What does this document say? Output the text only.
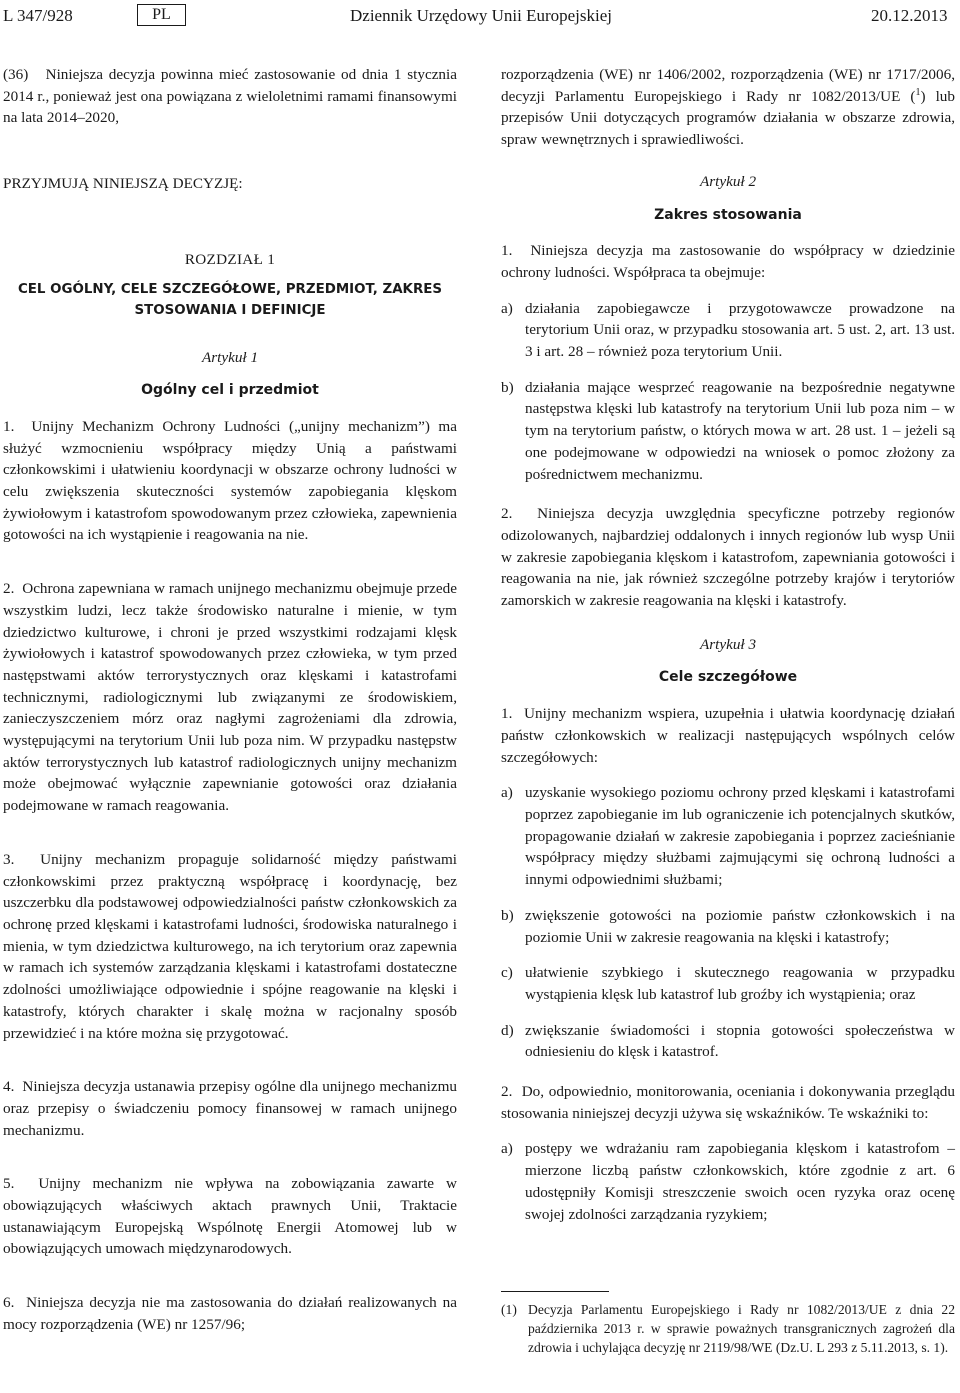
L 347/928	PL	Dziennik Urzędowy Unii Europejskiej	20.12.2013

(36)   Niniejsza decyzja powinna mieć zastosowanie od dnia 1 stycznia 2014 r., ponieważ jest ona powiązana z wieloletnimi ramami finansowymi na lata 2014–2020,

PRZYJMUJĄ NINIEJSZĄ DECYZJĘ:

ROZDZIAŁ 1
CEL OGÓLNY, CELE SZCZEGÓŁOWE, PRZEDMIOT, ZAKRES STOSOWANIA I DEFINICJE
Artykuł 1
Ogólny cel i przedmiot

1.  Unijny Mechanizm Ochrony Ludności („unijny mechanizm”) ma służyć wzmocnieniu współpracy między Unią a państwami członkowskimi i ułatwieniu koordynacji w obszarze ochrony ludności w celu zwiększenia skuteczności systemów zapobiegania klęskom żywiołowym i katastrofom spowodowanym przez człowieka, zapewnienia gotowości na ich wystąpienie i reagowania na nie.

2.  Ochrona zapewniana w ramach unijnego mechanizmu obejmuje przede wszystkim ludzi, lecz także środowisko naturalne i mienie, w tym dziedzictwo kulturowe, i chroni je przed wszystkimi rodzajami klęsk żywiołowych i katastrof spowodowanych przez człowieka, w tym przed następstwami aktów terrorystycznych oraz klęskami i katastrofami technicznymi, radiologicznymi lub związanymi ze środowiskiem, zanieczyszczeniem mórz oraz nagłymi zagrożeniami dla zdrowia, występującymi na terytorium Unii lub poza nim. W przypadku następstw aktów terrorystycznych lub katastrof radiologicznych unijny mechanizm może obejmować wyłącznie zapewnianie gotowości oraz działania podejmowane w ramach reagowania.

3.  Unijny mechanizm propaguje solidarność między państwami członkowskimi przez praktyczną współpracę i koordynację, bez uszczerbku dla podstawowej odpowiedzialności państw członkowskich za ochronę przed klęskami i katastrofami ludności, środowiska naturalnego i mienia, w tym dziedzictwa kulturowego, na ich terytorium oraz zapewnia w ramach ich systemów zarządzania klęskami i katastrofami dostateczne zdolności umożliwiające odpowiednie i spójne reagowanie na klęski i katastrofy, których charakter i skalę można w racjonalny sposób przewidzieć i na które można się przygotować.

4.  Niniejsza decyzja ustanawia przepisy ogólne dla unijnego mechanizmu oraz przepisy o świadczeniu pomocy finansowej w ramach unijnego mechanizmu.

5.  Unijny mechanizm nie wpływa na zobowiązania zawarte w obowiązujących właściwych aktach prawnych Unii, Traktacie ustanawiającym Europejską Wspólnotę Energii Atomowej lub w obowiązujących umowach międzynarodowych.

6.  Niniejsza decyzja nie ma zastosowania do działań realizowanych na mocy rozporządzenia (WE) nr 1257/96;

rozporządzenia (WE) nr 1406/2002, rozporządzenia (WE) nr 1717/2006, decyzji Parlamentu Europejskiego i Rady nr 1082/2013/UE ($^1$) lub przepisów Unii dotyczących programów działania w obszarze zdrowia, spraw wewnętrznych i sprawiedliwości.

Artykuł 2
Zakres stosowania

1.  Niniejsza decyzja ma zastosowanie do współpracy w dziedzinie ochrony ludności. Współpraca ta obejmuje:

a) działania zapobiegawcze i przygotowawcze prowadzone na terytorium Unii oraz, w przypadku stosowania art. 5 ust. 2, art. 13 ust. 3 i art. 28 – również poza terytorium Unii.
b) działania mające wesprzeć reagowanie na bezpośrednie negatywne następstwa klęski lub katastrofy na terytorium Unii lub poza nim – w tym na terytorium państw, o których mowa w art. 28 ust. 1 – jeżeli są one podejmowane w odpowiedzi na wniosek o pomoc złożony za pośrednictwem mechanizmu.

2.  Niniejsza decyzja uwzględnia specyficzne potrzeby regionów odizolowanych, najbardziej oddalonych i innych regionów lub wysp Unii w zakresie zapobiegania klęskom i katastrofom, zapewniania gotowości i reagowania na nie, jak również szczególne potrzeby krajów i terytoriów zamorskich w zakresie reagowania na klęski i katastrofy.

Artykuł 3
Cele szczegółowe

1.  Unijny mechanizm wspiera, uzupełnia i ułatwia koordynację działań państw członkowskich w realizacji następujących wspólnych celów szczegółowych:

a) uzyskanie wysokiego poziomu ochrony przed klęskami i katastrofami poprzez zapobieganie im lub ograniczenie ich potencjalnych skutków, propagowanie działań w zakresie zapobiegania i poprzez zacieśnianie współpracy między służbami zajmującymi się ochroną ludności a innymi odpowiednimi służbami;
b) zwiększenie gotowości na poziomie państw członkowskich i na poziomie Unii w zakresie reagowania na klęski i katastrofy;
c) ułatwienie szybkiego i skutecznego reagowania w przypadku wystąpienia klęsk lub katastrof lub groźby ich wystąpienia; oraz
d) zwiększanie świadomości i stopnia gotowości społeczeństwa w odniesieniu do klęsk i katastrof.

2.  Do, odpowiednio, monitorowania, oceniania i dokonywania przeglądu stosowania niniejszej decyzji używa się wskaźników. Te wskaźniki to:

a) postępy we wdrażaniu ram zapobiegania klęskom i katastrofom – mierzone liczbą państw członkowskich, które zgodnie z art. 6 udostępniły Komisji streszczenie swoich ocen ryzyka oraz ocenę swojej zdolności zarządzania ryzykiem;
(1) Decyzja Parlamentu Europejskiego i Rady nr 1082/2013/UE z dnia 22 października 2013 r. w sprawie poważnych transgranicznych zagrożeń dla zdrowia i uchylająca decyzję nr 2119/98/WE (Dz.U. L 293 z 5.11.2013, s. 1).
